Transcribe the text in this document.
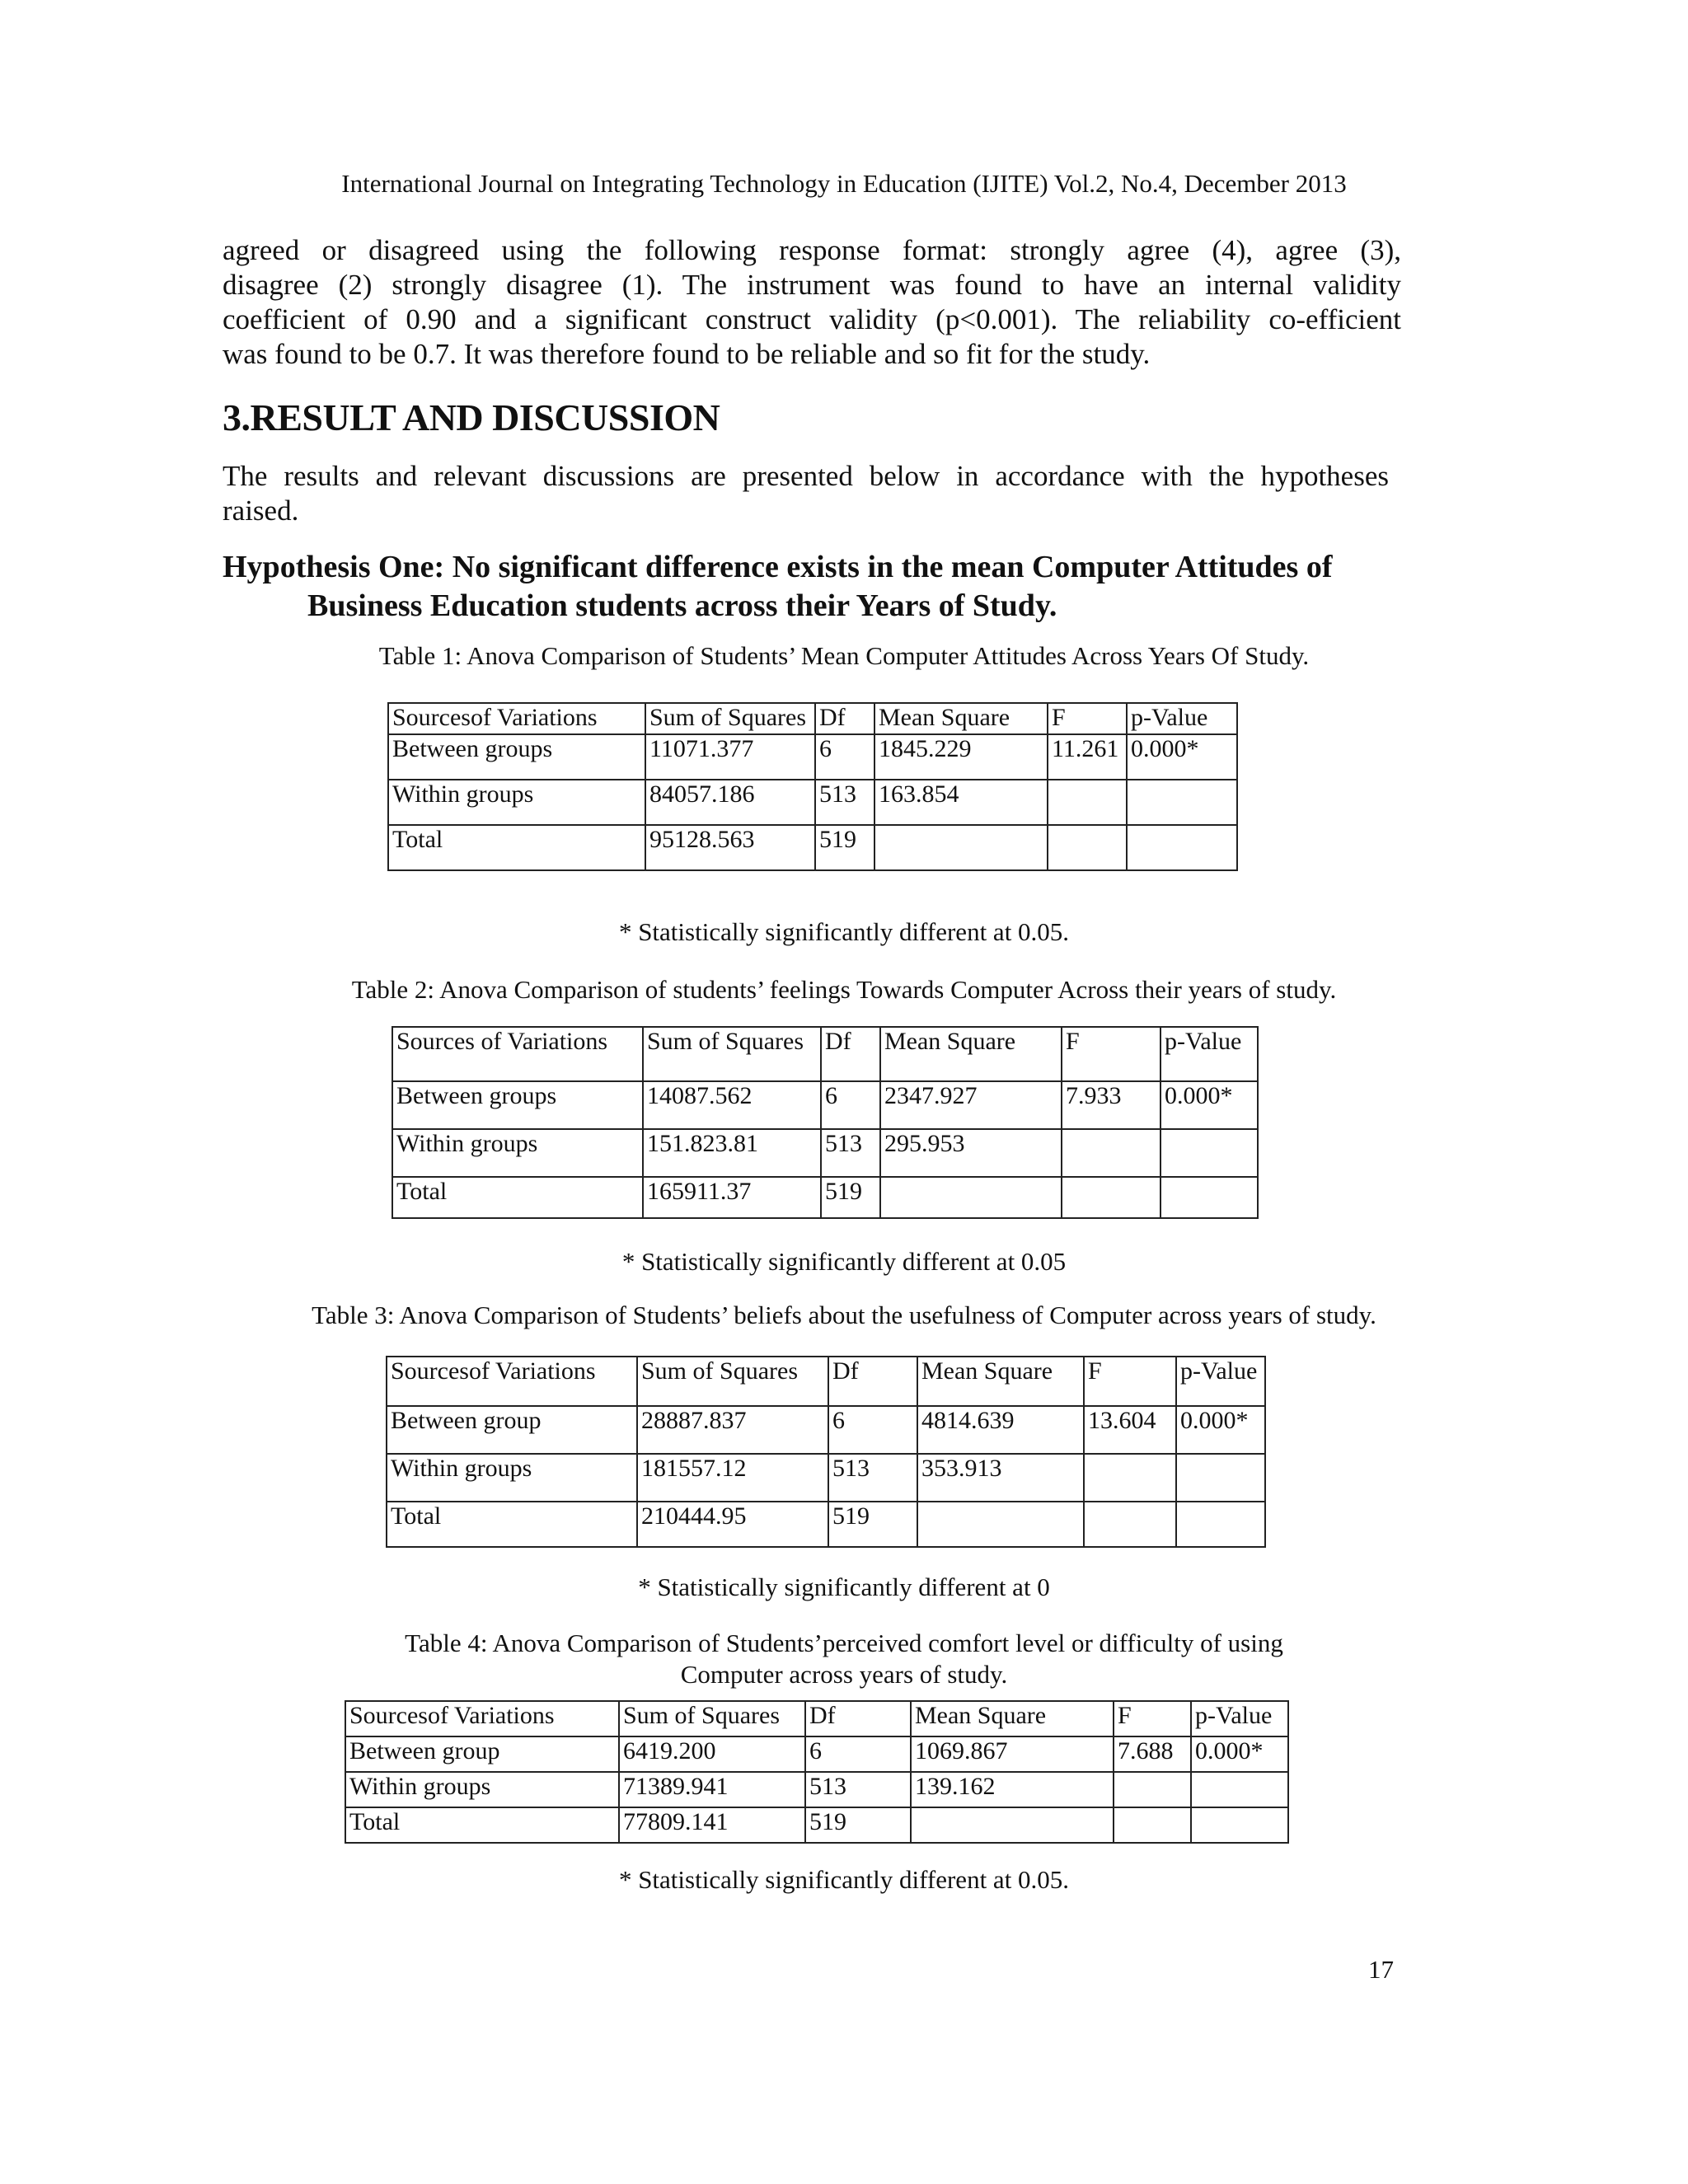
International Journal on Integrating Technology in Education (IJITE) Vol.2, No.4, December 2013
agreed or disagreed using the following response format: strongly agree (4), agree (3),
disagree (2) strongly disagree (1). The instrument was found to have an internal validity
coefficient of 0.90 and a significant construct validity (p<0.001). The reliability co-efficient
was found to be 0.7. It was therefore found to be reliable and so fit for the study.
3.RESULT AND DISCUSSION
The results and relevant discussions are presented below in accordance with the hypotheses
raised.
Hypothesis One: No significant difference exists in the mean Computer Attitudes of
Business Education students across their Years of Study.
Table 1: Anova Comparison of Students’ Mean Computer Attitudes Across Years Of Study.
Sourcesof Variations	Sum of Squares	Df	Mean Square	F	p-Value
Between groups	11071.377	6	1845.229	11.261	0.000*
Within groups	84057.186	513	163.854		
Total	95128.563	519			
* Statistically significantly different at 0.05.
Table 2: Anova Comparison of students’ feelings Towards Computer Across their years of study.
Sources of Variations	Sum of Squares	Df	Mean Square	F	p-Value
Between groups	14087.562	6	2347.927	7.933	0.000*
Within groups	151.823.81	513	295.953		
Total	165911.37	519			
* Statistically significantly different at 0.05
Table 3: Anova Comparison of Students’ beliefs about the usefulness of Computer across years of study.
Sourcesof Variations	Sum of Squares	Df	Mean Square	F	p-Value
Between group	28887.837	6	4814.639	13.604	0.000*
Within groups	181557.12	513	353.913		
Total	210444.95	519			
* Statistically significantly different at 0
Table 4: Anova Comparison of Students’perceived comfort level or difficulty of using
Computer across years of study.
Sourcesof Variations	Sum of Squares	Df	Mean Square	F	p-Value
Between group	6419.200	6	1069.867	7.688	0.000*
Within groups	71389.941	513	139.162		
Total	77809.141	519			
* Statistically significantly different at 0.05.
17
